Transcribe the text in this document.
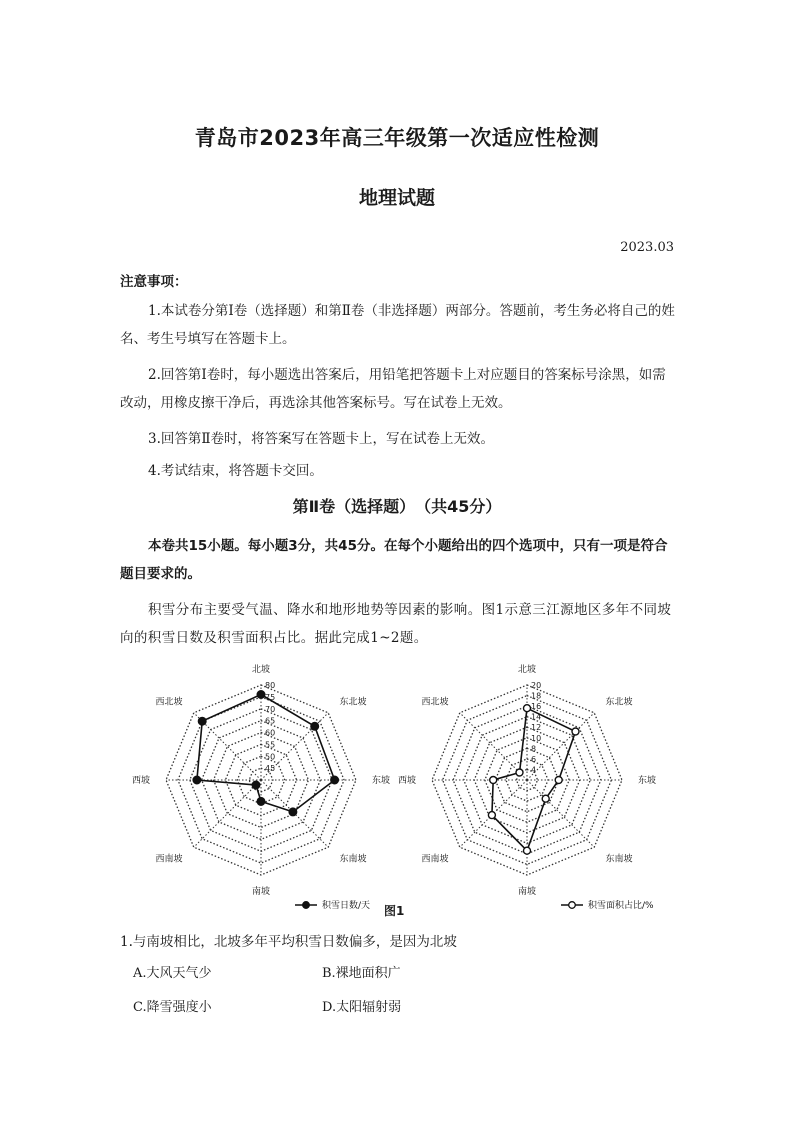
青岛市2023年高三年级第一次适应性检测
地理试题
2023.03
注意事项：
1.本试卷分第Ⅰ卷（选择题）和第Ⅱ卷（非选择题）两部分。答题前，考生务必将自己的姓名、考生号填写在答题卡上。
2.回答第Ⅰ卷时，每小题选出答案后，用铅笔把答题卡上对应题目的答案标号涂黑，如需改动，用橡皮擦干净后，再选涂其他答案标号。写在试卷上无效。
3.回答第Ⅱ卷时，将答案写在答题卡上，写在试卷上无效。
4.考试结束，将答题卡交回。
第Ⅱ卷（选择题）　（共45分）
本卷共15小题。每小题3分，共45分。在每个小题给出的四个选项中，只有一项是符合题目要求的。
积雪分布主要受气温、降水和地形地势等因素的影响。图1示意三江源地区多年不同坡向的积雪日数及积雪面积占比。据此完成1~2题。
45
50
55
60
65
70
75
80
北坡
东北坡
东坡
东南坡
南坡
西南坡
西坡
西北坡
积雪日数/天
4
6
8
10
12
14
16
18
20
北坡
东北坡
东坡
东南坡
南坡
西南坡
西坡
西北坡
积雪面积占比/%
图1
1.与南坡相比，北坡多年平均积雪日数偏多，是因为北坡
A.大风天气少	B.裸地面积广
C.降雪强度小	D.太阳辐射弱
